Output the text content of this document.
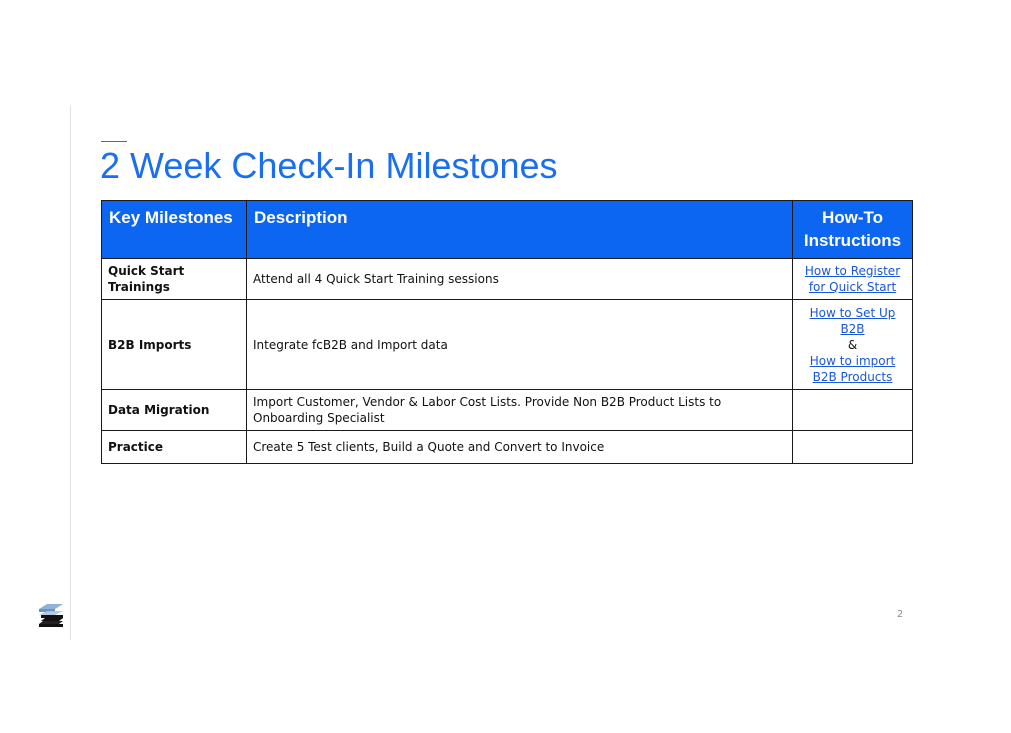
2 Week Check-In Milestones
Key Milestones	Description	How-To Instructions
Quick Start Trainings	Attend all 4 Quick Start Training sessions	How to Register
for Quick Start
B2B Imports	Integrate fcB2B and Import data	How to Set Up
B2B
&
How to import
B2B Products
Data Migration	Import Customer, Vendor & Labor Cost Lists. Provide Non B2B Product Lists to Onboarding Specialist	
Practice	Create 5 Test clients, Build a Quote and Convert to Invoice	
2
